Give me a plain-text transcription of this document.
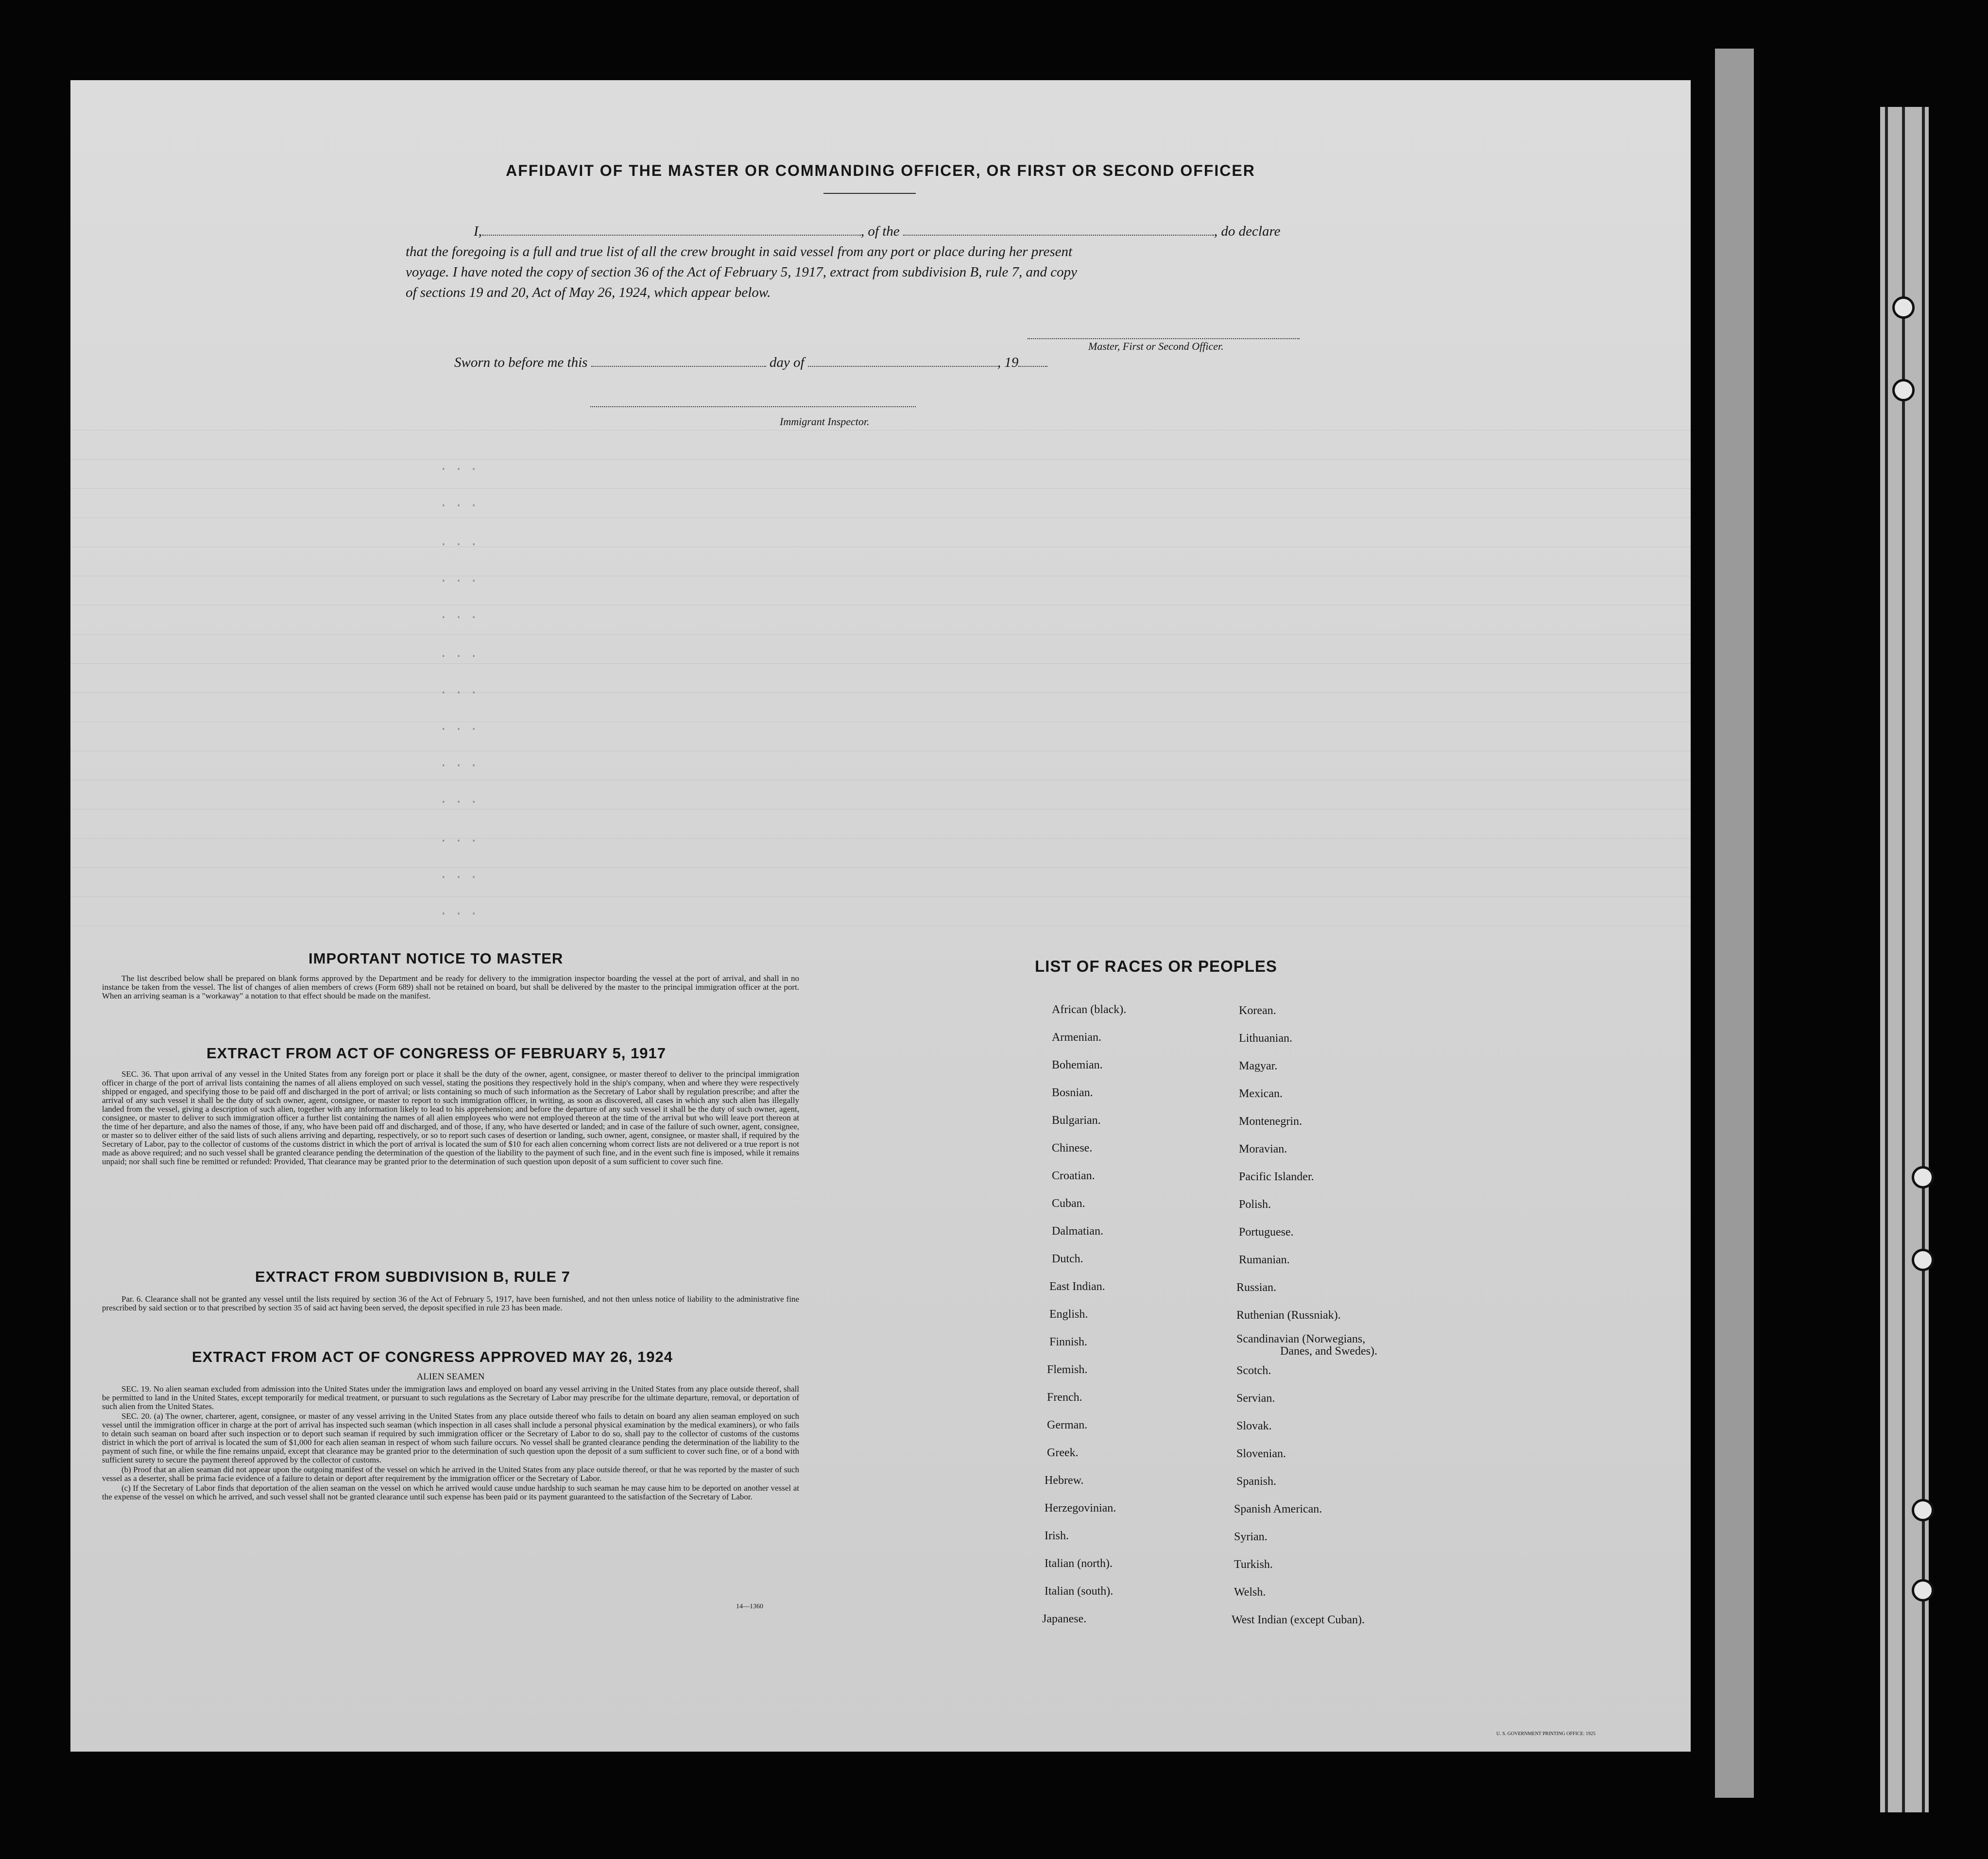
AFFIDAVIT OF THE MASTER OR COMMANDING OFFICER, OR FIRST OR SECOND OFFICER
I,	, of the	, do declare
that the foregoing is a full and true list of all the crew brought in said vessel from any port or place during her present
voyage. I have noted the copy of section 36 of the Act of February 5, 1917, extract from subdivision B, rule 7, and copy
of sections 19 and 20, Act of May 26, 1924, which appear below.
Master, First or Second Officer.
Sworn to before me this	day of	, 19
Immigrant Inspector.
. . .
. . .
. . .
. . .
. . .
. . .
. . .
. . .
. . .
. . .
. . .
. . .
. . .
IMPORTANT NOTICE TO MASTER

The list described below shall be prepared on blank forms approved by the Department and be ready for delivery to the immigration inspector boarding the vessel at the port of arrival, and shall in no instance be taken from the vessel. The list of changes of alien members of crews (Form 689) shall not be retained on board, but shall be delivered by the master to the principal immigration officer at the port. When an arriving seaman is a "workaway" a notation to that effect should be made on the manifest.

EXTRACT FROM ACT OF CONGRESS OF FEBRUARY 5, 1917

SEC. 36. That upon arrival of any vessel in the United States from any foreign port or place it shall be the duty of the owner, agent, consignee, or master thereof to deliver to the principal immigration officer in charge of the port of arrival lists containing the names of all aliens employed on such vessel, stating the positions they respectively hold in the ship's company, when and where they were respectively shipped or engaged, and specifying those to be paid off and discharged in the port of arrival; or lists containing so much of such information as the Secretary of Labor shall by regulation prescribe; and after the arrival of any such vessel it shall be the duty of such owner, agent, consignee, or master to report to such immigration officer, in writing, as soon as discovered, all cases in which any such alien has illegally landed from the vessel, giving a description of such alien, together with any information likely to lead to his apprehension; and before the departure of any such vessel it shall be the duty of such owner, agent, consignee, or master to deliver to such immigration officer a further list containing the names of all alien employees who were not employed thereon at the time of the arrival but who will leave port thereon at the time of her departure, and also the names of those, if any, who have been paid off and discharged, and of those, if any, who have deserted or landed; and in case of the failure of such owner, agent, consignee, or master so to deliver either of the said lists of such aliens arriving and departing, respectively, or so to report such cases of desertion or landing, such owner, agent, consignee, or master shall, if required by the Secretary of Labor, pay to the collector of customs of the customs district in which the port of arrival is located the sum of $10 for each alien concerning whom correct lists are not delivered or a true report is not made as above required; and no such vessel shall be granted clearance pending the determination of the question of the liability to the payment of such fine, and in the event such fine is imposed, while it remains unpaid; nor shall such fine be remitted or refunded: Provided, That clearance may be granted prior to the determination of such question upon deposit of a sum sufficient to cover such fine.

EXTRACT FROM SUBDIVISION B, RULE 7

Par. 6. Clearance shall not be granted any vessel until the lists required by section 36 of the Act of February 5, 1917, have been furnished, and not then unless notice of liability to the administrative fine prescribed by said section or to that prescribed by section 35 of said act having been served, the deposit specified in rule 23 has been made.

EXTRACT FROM ACT OF CONGRESS APPROVED MAY 26, 1924
ALIEN SEAMEN

SEC. 19. No alien seaman excluded from admission into the United States under the immigration laws and employed on board any vessel arriving in the United States from any place outside thereof, shall be permitted to land in the United States, except temporarily for medical treatment, or pursuant to such regulations as the Secretary of Labor may prescribe for the ultimate departure, removal, or deportation of such alien from the United States.

SEC. 20. (a) The owner, charterer, agent, consignee, or master of any vessel arriving in the United States from any place outside thereof who fails to detain on board any alien seaman employed on such vessel until the immigration officer in charge at the port of arrival has inspected such seaman (which inspection in all cases shall include a personal physical examination by the medical examiners), or who fails to detain such seaman on board after such inspection or to deport such seaman if required by such immigration officer or the Secretary of Labor to do so, shall pay to the collector of customs of the customs district in which the port of arrival is located the sum of $1,000 for each alien seaman in respect of whom such failure occurs. No vessel shall be granted clearance pending the determination of the liability to the payment of such fine, or while the fine remains unpaid, except that clearance may be granted prior to the determination of such question upon the deposit of a sum sufficient to cover such fine, or of a bond with sufficient surety to secure the payment thereof approved by the collector of customs.

(b) Proof that an alien seaman did not appear upon the outgoing manifest of the vessel on which he arrived in the United States from any place outside thereof, or that he was reported by the master of such vessel as a deserter, shall be prima facie evidence of a failure to detain or deport after requirement by the immigration officer or the Secretary of Labor.

(c) If the Secretary of Labor finds that deportation of the alien seaman on the vessel on which he arrived would cause undue hardship to such seaman he may cause him to be deported on another vessel at the expense of the vessel on which he arrived, and such vessel shall not be granted clearance until such expense has been paid or its payment guaranteed to the satisfaction of the Secretary of Labor.

14—1360
LIST OF RACES OR PEOPLES
African (black).
Armenian.
Bohemian.
Bosnian.
Bulgarian.
Chinese.
Croatian.
Cuban.
Dalmatian.
Dutch.
East Indian.
English.
Finnish.
Flemish.
French.
German.
Greek.
Hebrew.
Herzegovinian.
Irish.
Italian (north).
Italian (south).
Japanese.
Korean.
Lithuanian.
Magyar.
Mexican.
Montenegrin.
Moravian.
Pacific Islander.
Polish.
Portuguese.
Rumanian.
Russian.
Ruthenian (Russniak).
Scandinavian (Norwegians,
Danes, and Swedes).
Scotch.
Servian.
Slovak.
Slovenian.
Spanish.
Spanish American.
Syrian.
Turkish.
Welsh.
West Indian (except Cuban).
U. S. GOVERNMENT PRINTING OFFICE: 1925
